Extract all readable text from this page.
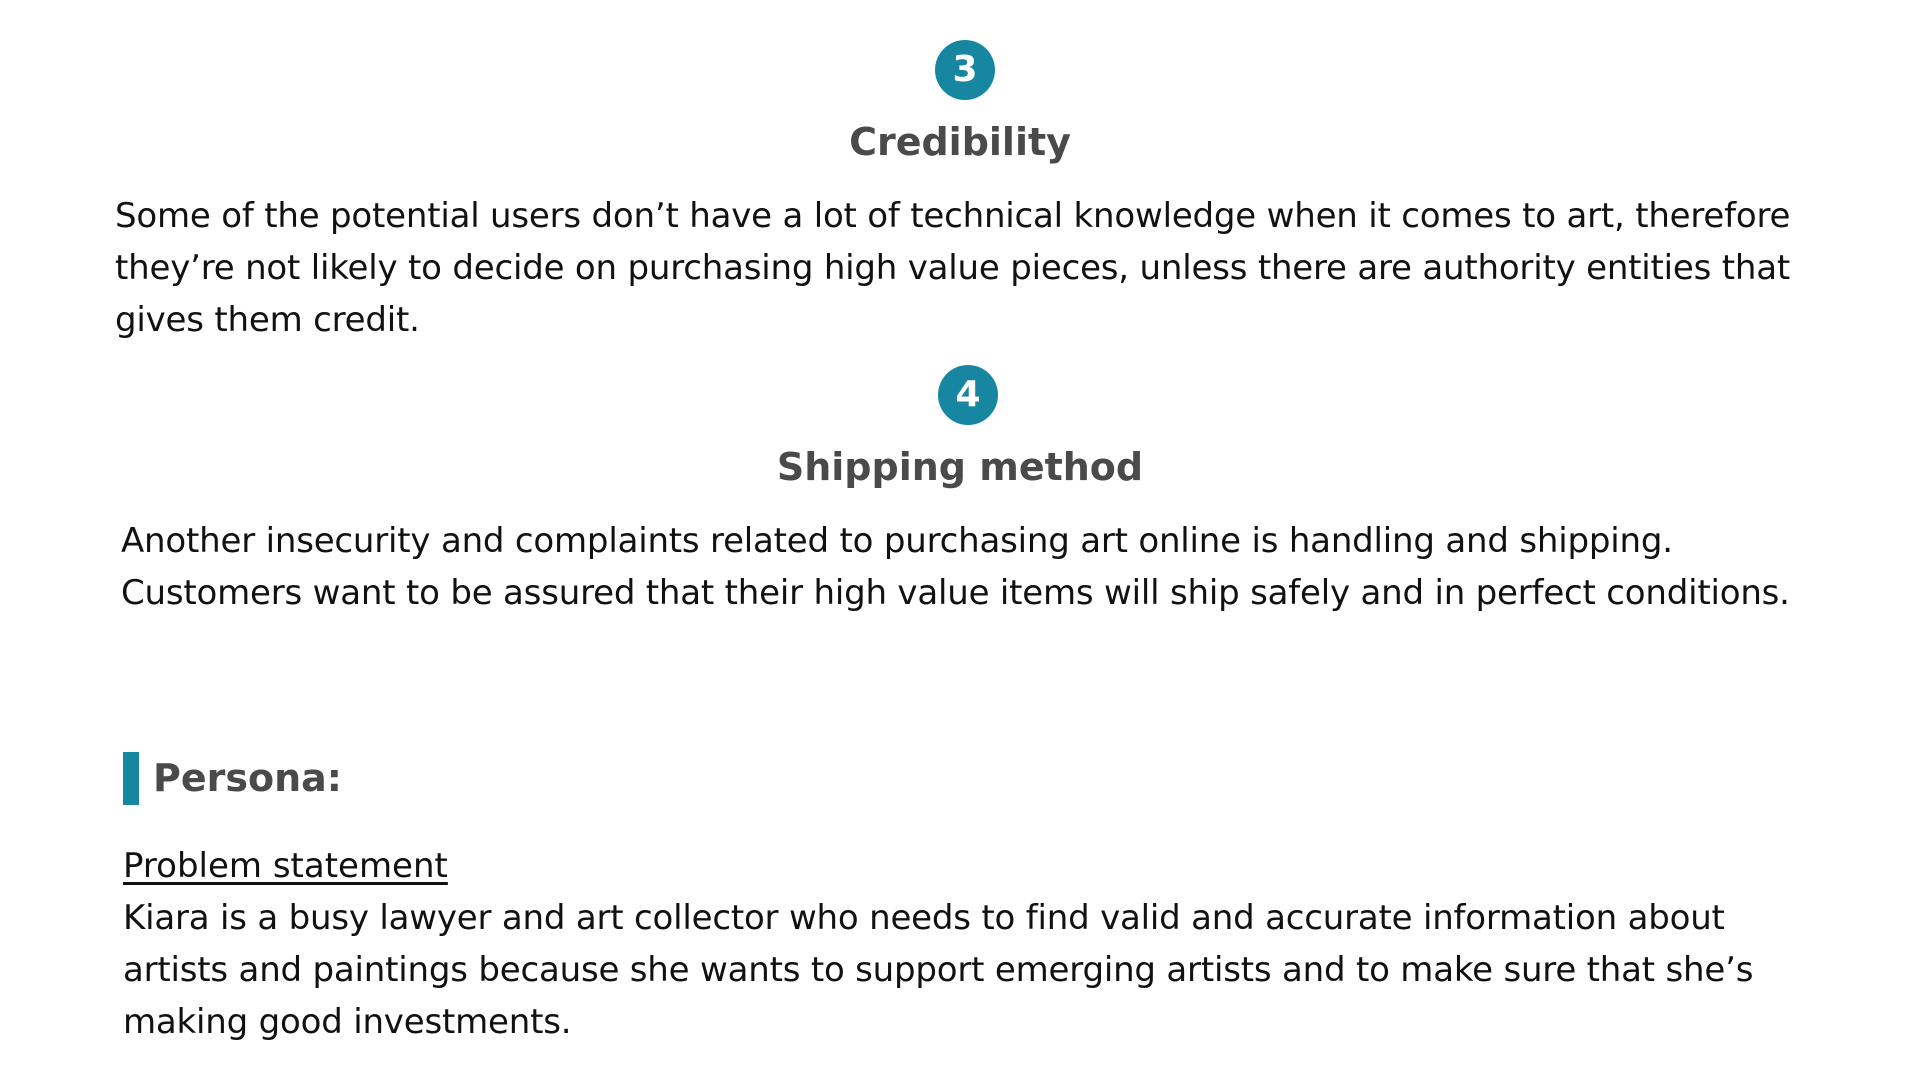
3
Credibility
Some of the potential users don’t have a lot of technical knowledge when it comes to art, therefore they’re not likely to decide on purchasing high value pieces, unless there are authority entities that gives them credit.
4
Shipping method
Another insecurity and complaints related to purchasing art online is handling and shipping. Customers want to be assured that their high value items will ship safely and in perfect conditions.
Persona:
Problem statement
Kiara is a busy lawyer and art collector who needs to find valid and accurate information about artists and paintings because she wants to support emerging artists and to make sure that she’s making good investments.
